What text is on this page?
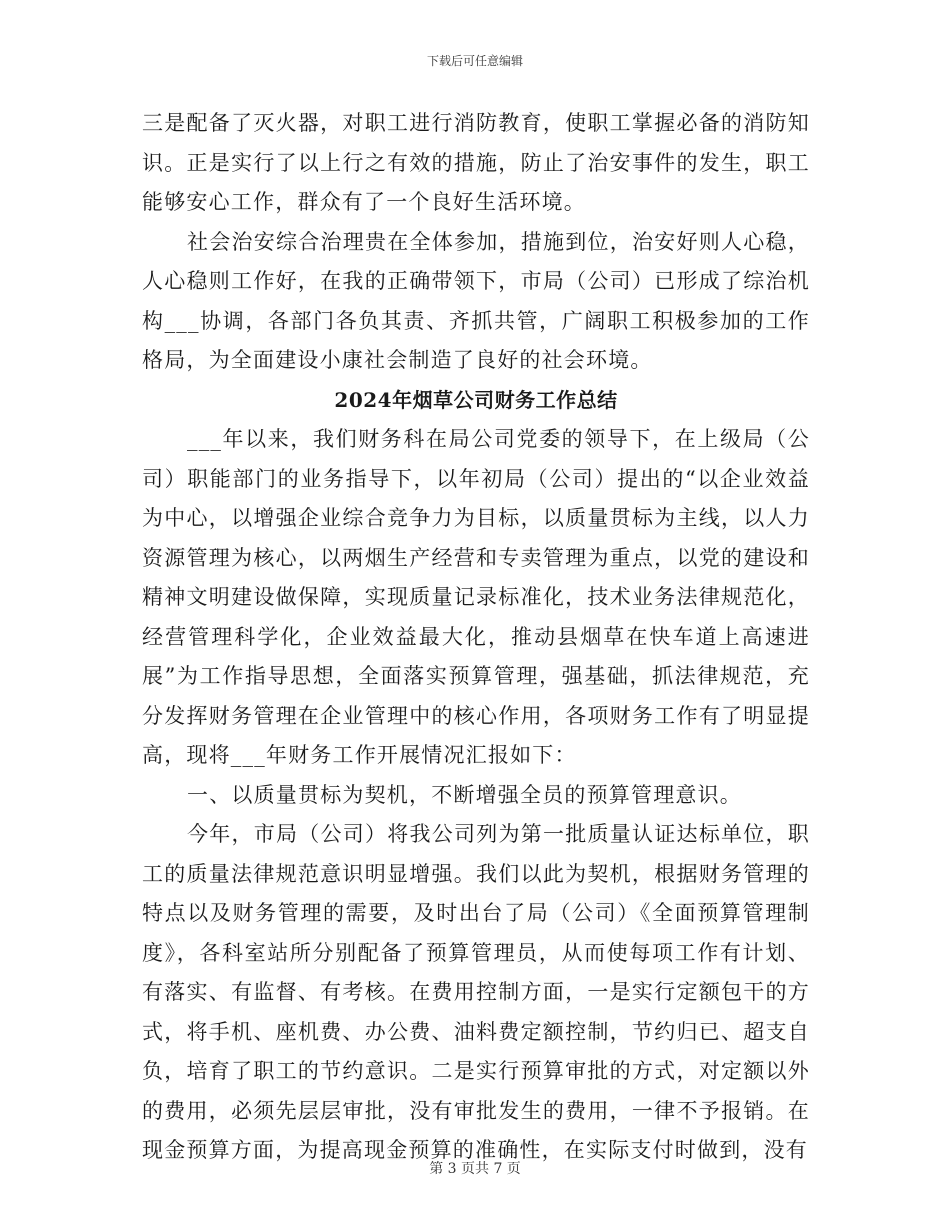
下载后可任意编辑

三是配备了灭火器，对职工进行消防教育，使职工掌握必备的消防知识。正是实行了以上行之有效的措施，防止了治安事件的发生，职工能够安心工作，群众有了一个良好生活环境。

社会治安综合治理贵在全体参加，措施到位，治安好则人心稳，人心稳则工作好，在我的正确带领下，市局（公司）已形成了综治机构___协调，各部门各负其责、齐抓共管，广阔职工积极参加的工作格局，为全面建设小康社会制造了良好的社会环境。

2024年烟草公司财务工作总结

___年以来，我们财务科在局公司党委的领导下，在上级局（公司）职能部门的业务指导下，以年初局（公司）提出的“以企业效益为中心，以增强企业综合竞争力为目标，以质量贯标为主线，以人力资源管理为核心，以两烟生产经营和专卖管理为重点，以党的建设和精神文明建设做保障，实现质量记录标准化，技术业务法律规范化，经营管理科学化，企业效益最大化，推动县烟草在快车道上高速进展”为工作指导思想，全面落实预算管理，强基础，抓法律规范，充分发挥财务管理在企业管理中的核心作用，各项财务工作有了明显提高，现将___年财务工作开展情况汇报如下：

一、以质量贯标为契机，不断增强全员的预算管理意识。

今年，市局（公司）将我公司列为第一批质量认证达标单位，职工的质量法律规范意识明显增强。我们以此为契机，根据财务管理的特点以及财务管理的需要，及时出台了局（公司）《全面预算管理制度》，各科室站所分别配备了预算管理员，从而使每项工作有计划、有落实、有监督、有考核。在费用控制方面，一是实行定额包干的方式，将手机、座机费、办公费、油料费定额控制，节约归已、超支自负，培育了职工的节约意识。二是实行预算审批的方式，对定额以外的费用，必须先层层审批，没有审批发生的费用，一律不予报销。在现金预算方面，为提高现金预算的准确性，在实际支付时做到，没有

第 3 页共 7 页
